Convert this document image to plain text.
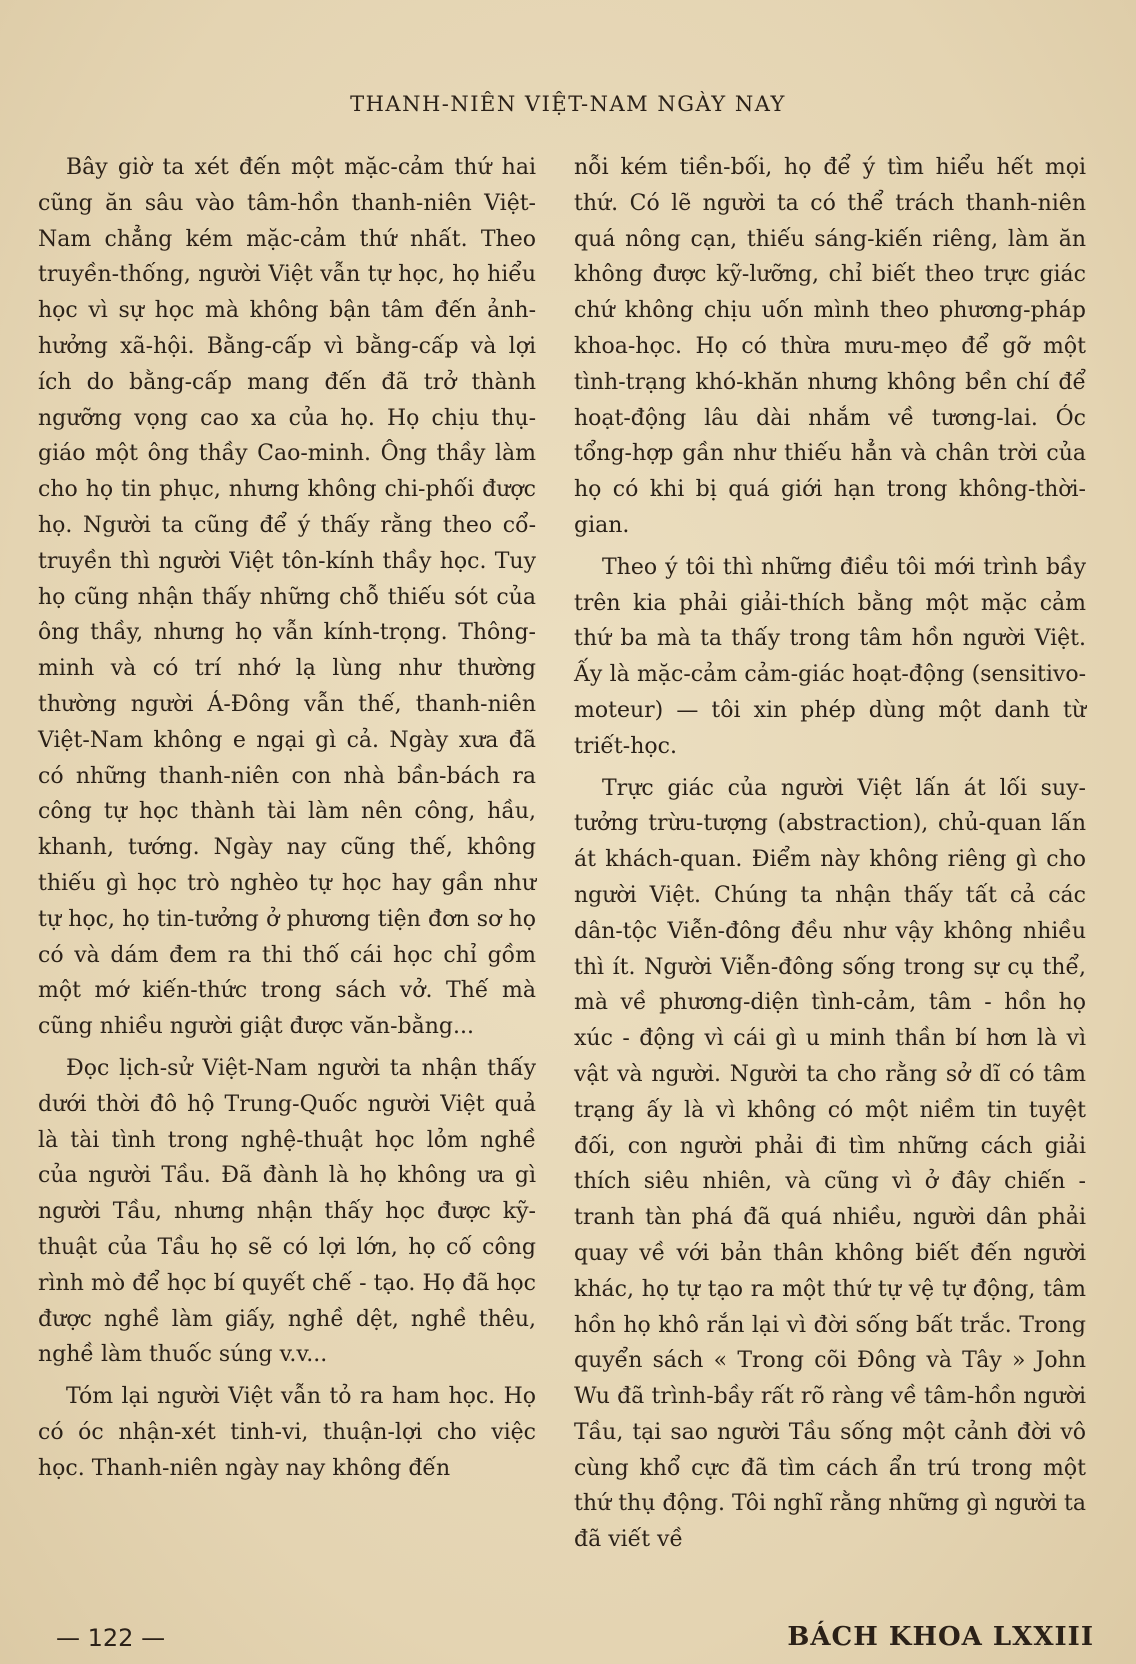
THANH-NIÊN VIỆT-NAM NGÀY NAY

Bây giờ ta xét đến một mặc-cảm thứ hai cũng ăn sâu vào tâm-hồn thanh-niên Việt-Nam chẳng kém mặc-cảm thứ nhất. Theo truyền-thống, người Việt vẫn tự học, họ hiểu học vì sự học mà không bận tâm đến ảnh-hưởng xã-hội. Bằng-cấp vì bằng-cấp và lợi ích do bằng-cấp mang đến đã trở thành ngưỡng vọng cao xa của họ. Họ chịu thụ-giáo một ông thầy Cao-minh. Ông thầy làm cho họ tin phục, nhưng không chi-phối được họ. Người ta cũng để ý thấy rằng theo cổ-truyền thì người Việt tôn-kính thầy học. Tuy họ cũng nhận thấy những chỗ thiếu sót của ông thầy, nhưng họ vẫn kính-trọng. Thông-minh và có trí nhớ lạ lùng như thường thường người Á-Đông vẫn thế, thanh-niên Việt-Nam không e ngại gì cả. Ngày xưa đã có những thanh-niên con nhà bần-bách ra công tự học thành tài làm nên công, hầu, khanh, tướng. Ngày nay cũng thế, không thiếu gì học trò nghèo tự học hay gần như tự học, họ tin-tưởng ở phương tiện đơn sơ họ có và dám đem ra thi thố cái học chỉ gồm một mớ kiến-thức trong sách vở. Thế mà cũng nhiều người giật được văn-bằng...

Đọc lịch-sử Việt-Nam người ta nhận thấy dưới thời đô hộ Trung-Quốc người Việt quả là tài tình trong nghệ-thuật học lỏm nghề của người Tầu. Đã đành là họ không ưa gì người Tầu, nhưng nhận thấy học được kỹ-thuật của Tầu họ sẽ có lợi lớn, họ cố công rình mò để học bí quyết chế - tạo. Họ đã học được nghề làm giấy, nghề dệt, nghề thêu, nghề làm thuốc súng v.v...

Tóm lại người Việt vẫn tỏ ra ham học. Họ có óc nhận-xét tinh-vi, thuận-lợi cho việc học. Thanh-niên ngày nay không đến

nỗi kém tiền-bối, họ để ý tìm hiểu hết mọi thứ. Có lẽ người ta có thể trách thanh-niên quá nông cạn, thiếu sáng-kiến riêng, làm ăn không được kỹ-lưỡng, chỉ biết theo trực giác chứ không chịu uốn mình theo phương-pháp khoa-học. Họ có thừa mưu-mẹo để gỡ một tình-trạng khó-khăn nhưng không bền chí để hoạt-động lâu dài nhắm về tương-lai. Óc tổng-hợp gần như thiếu hẳn và chân trời của họ có khi bị quá giới hạn trong không-thời-gian.

Theo ý tôi thì những điều tôi mới trình bầy trên kia phải giải-thích bằng một mặc cảm thứ ba mà ta thấy trong tâm hồn người Việt. Ấy là mặc-cảm cảm-giác hoạt-động (sensitivo-moteur) — tôi xin phép dùng một danh từ triết-học.

Trực giác của người Việt lấn át lối suy-tưởng trừu-tượng (abstraction), chủ-quan lấn át khách-quan. Điểm này không riêng gì cho người Việt. Chúng ta nhận thấy tất cả các dân-tộc Viễn-đông đều như vậy không nhiều thì ít. Người Viễn-đông sống trong sự cụ thể, mà về phương-diện tình-cảm, tâm - hồn họ xúc - động vì cái gì u minh thần bí hơn là vì vật và người. Người ta cho rằng sở dĩ có tâm trạng ấy là vì không có một niềm tin tuyệt đối, con người phải đi tìm những cách giải thích siêu nhiên, và cũng vì ở đây chiến - tranh tàn phá đã quá nhiều, người dân phải quay về với bản thân không biết đến người khác, họ tự tạo ra một thứ tự vệ tự động, tâm hồn họ khô rắn lại vì đời sống bất trắc. Trong quyển sách « Trong cõi Đông và Tây » John Wu đã trình-bầy rất rõ ràng về tâm-hồn người Tầu, tại sao người Tầu sống một cảnh đời vô cùng khổ cực đã tìm cách ẩn trú trong một thứ thụ động. Tôi nghĩ rằng những gì người ta đã viết về

— 122 —	BÁCH KHOA LXXIII
